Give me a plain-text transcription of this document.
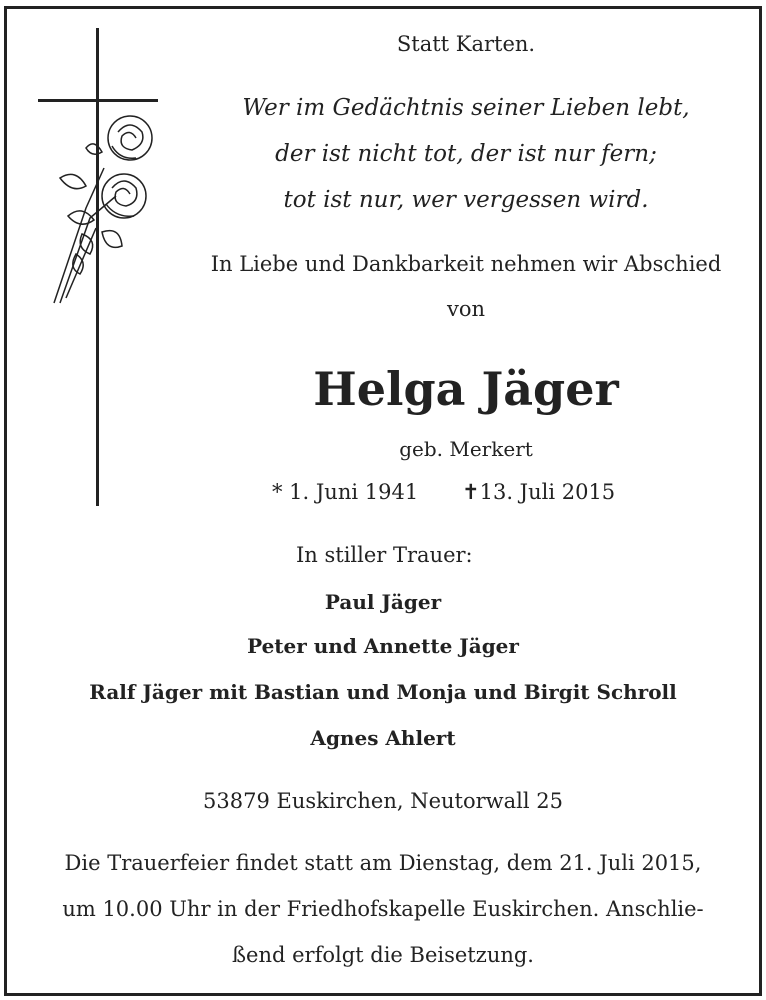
Statt Karten.
Wer im Gedächtnis seiner Lieben lebt,
der ist nicht tot, der ist nur fern;
tot ist nur, wer vergessen wird.
In Liebe und Dankbarkeit nehmen wir Abschied
von
Helga Jäger
geb. Merkert
* 1. Juni 1941 ✝13. Juli 2015
In stiller Trauer:
Paul Jäger
Peter und Annette Jäger
Ralf Jäger mit Bastian und Monja und Birgit Schroll
Agnes Ahlert
53879 Euskirchen, Neutorwall 25
Die Trauerfeier findet statt am Dienstag, dem 21. Juli 2015,
um 10.00 Uhr in der Friedhofskapelle Euskirchen. Anschlie-
ßend erfolgt die Beisetzung.
